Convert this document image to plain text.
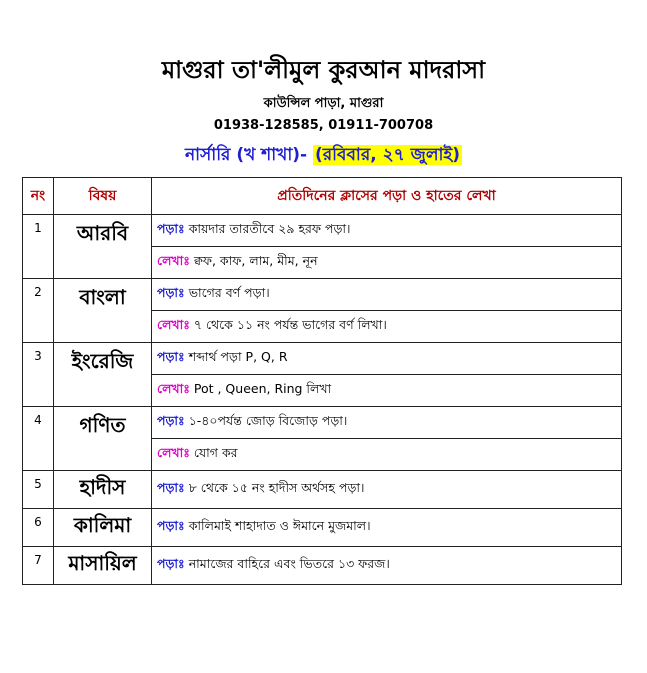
মাগুরা তা'লীমুল কুরআন মাদরাসা
কাউন্সিল পাড়া, মাগুরা
01938-128585, 01911-700708
নার্সারি (খ শাখা)- (রবিবার, ২৭ জুলাই)
নং	বিষয়	প্রতিদিনের ক্লাসের পড়া ও হাতের লেখা
1	আরবি	পড়াঃ কায়দার তারতীবে ২৯ হরফ পড়া।
		লেখাঃ ক্বফ, কাফ, লাম, মীম, নূন
2	বাংলা	পড়াঃ ভাগের বর্ণ পড়া।
		লেখাঃ ৭ থেকে ১১ নং পর্যন্ত ভাগের বর্ণ লিখা।
3	ইংরেজি	পড়াঃ শব্দার্থ পড়া P, Q, R
		লেখাঃ Pot , Queen, Ring লিখা
4	গণিত	পড়াঃ ১-৪০পর্যন্ত জোড় বিজোড় পড়া।
		লেখাঃ যোগ কর
5	হাদীস	পড়াঃ ৮ থেকে ১৫ নং হাদীস অর্থসহ পড়া।
6	কালিমা	পড়াঃ কালিমাই শাহাদাত ও ঈমানে মুজমাল।
7	মাসায়িল	পড়াঃ নামাজের বাহিরে এবং ভিতরে ১৩ ফরজ।
